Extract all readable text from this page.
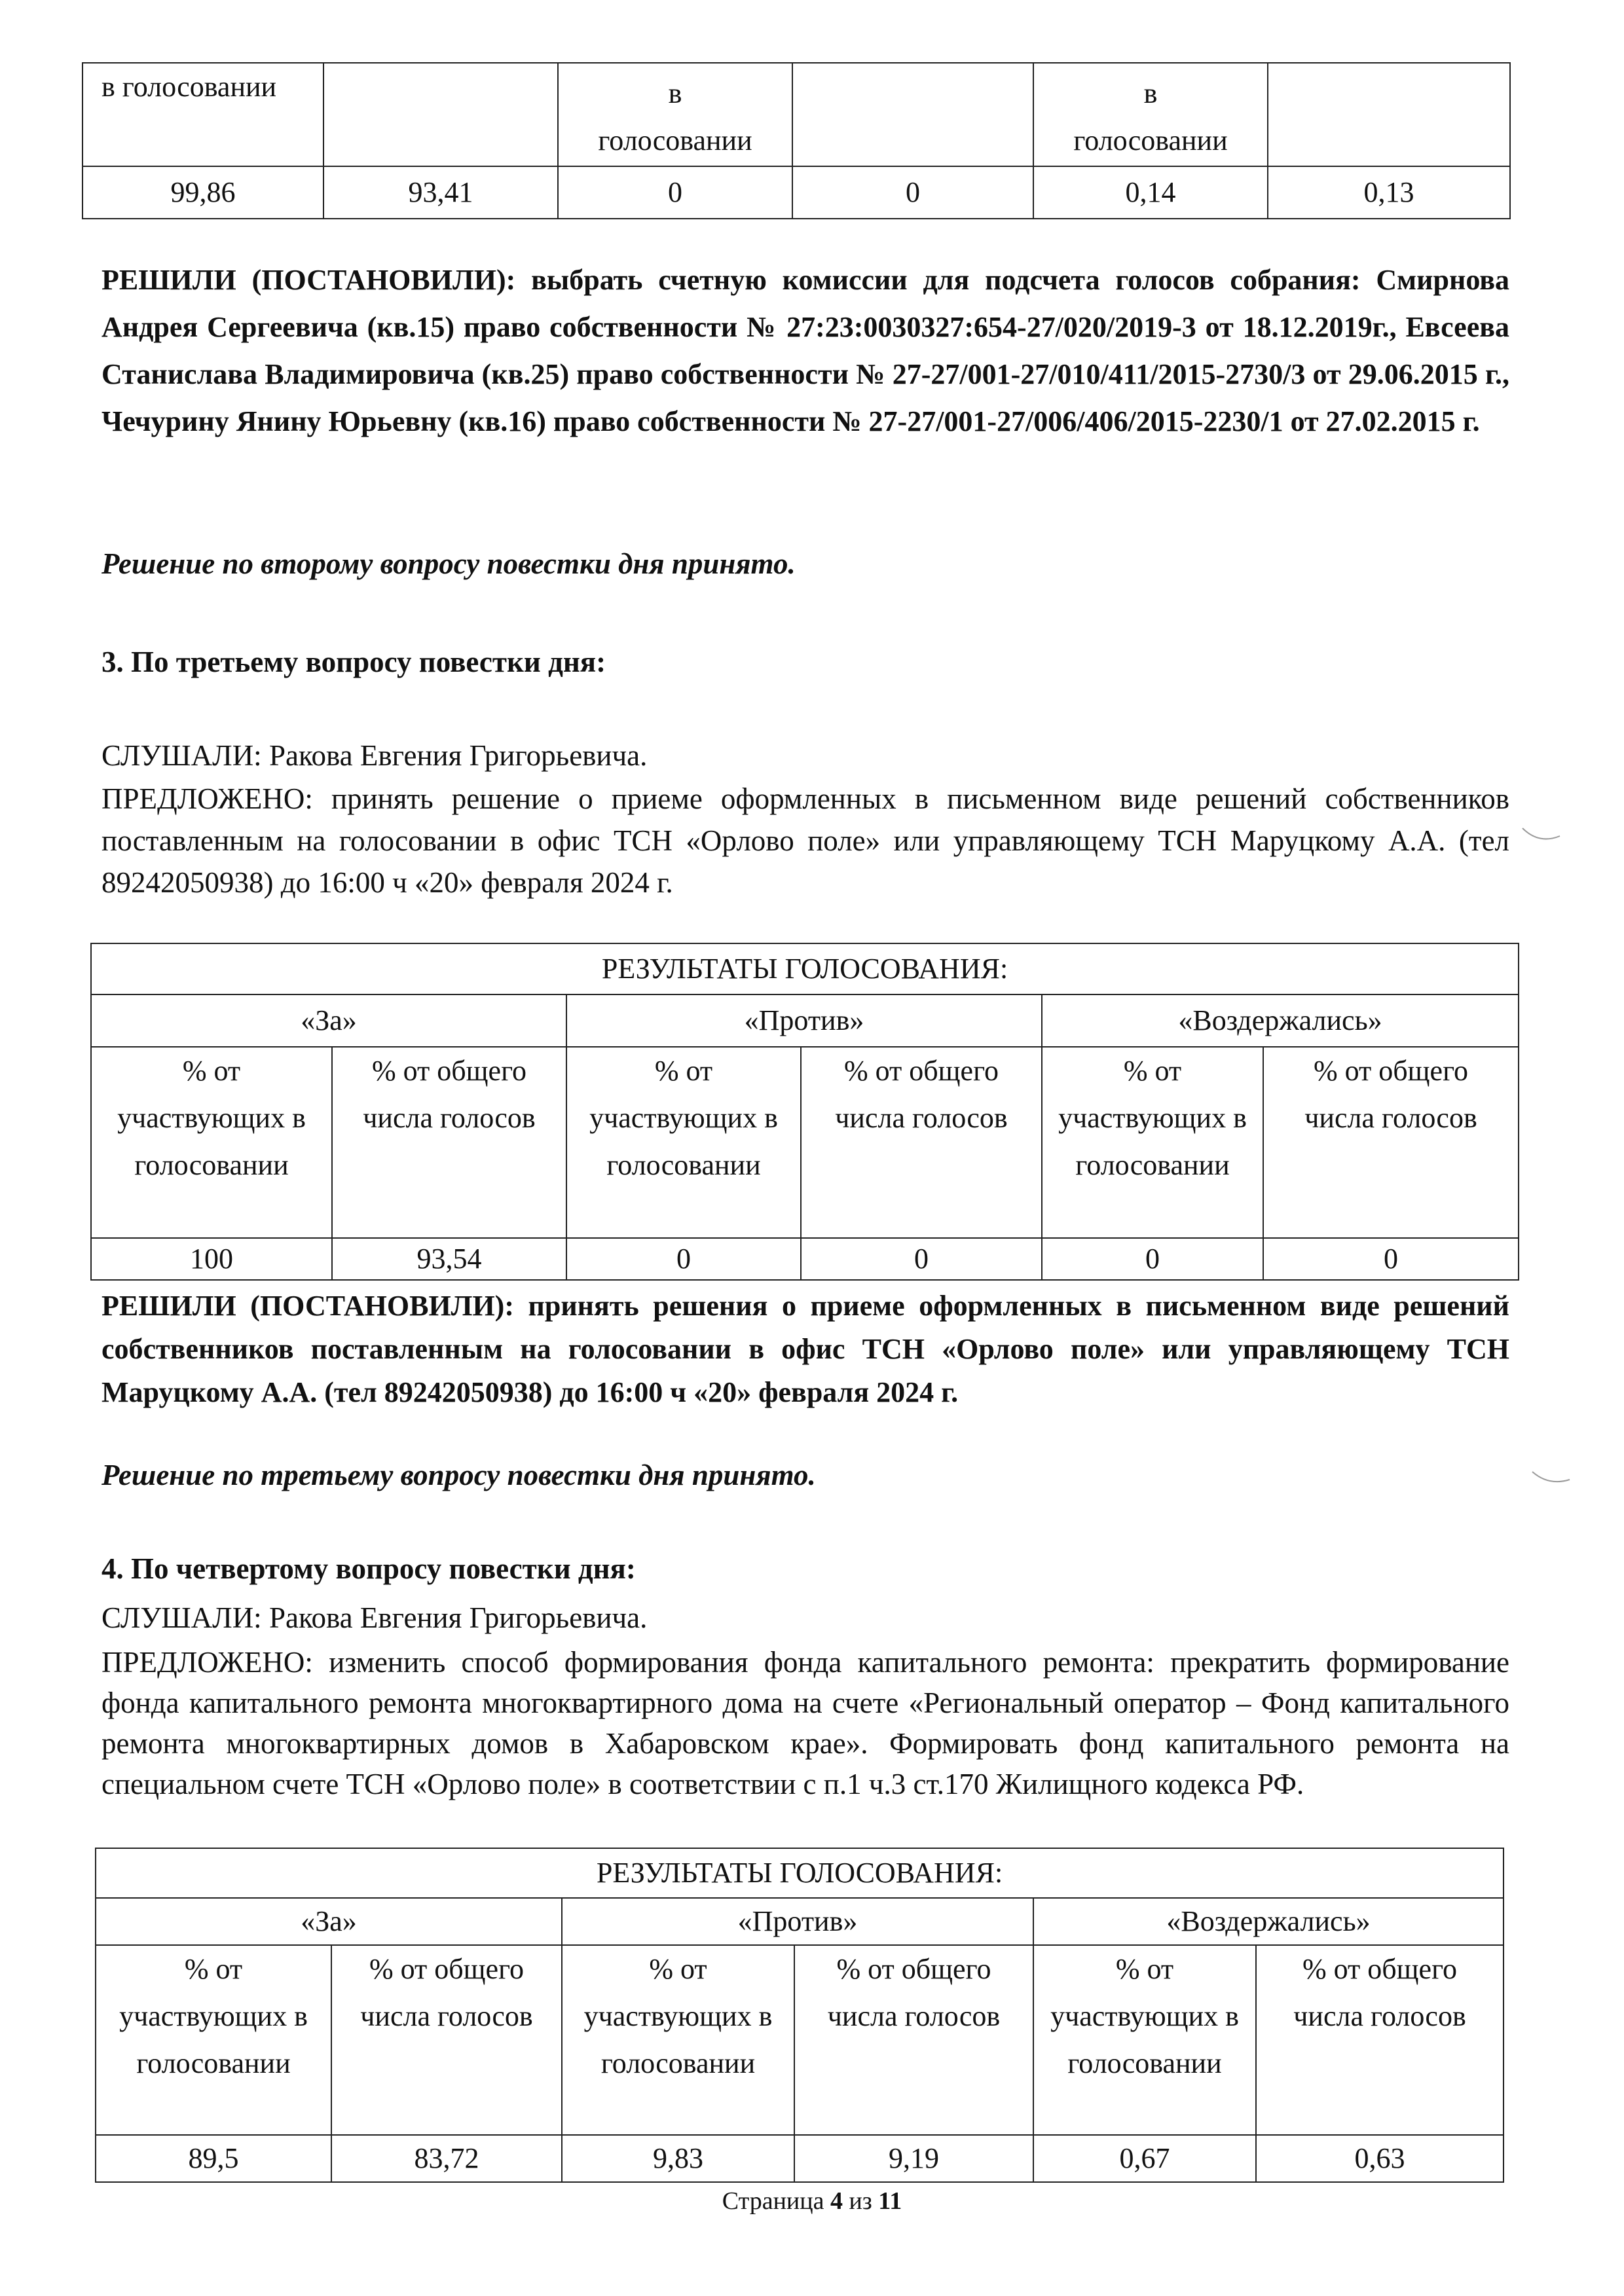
в голосовании		в голосовании		в голосовании	
99,86	93,41	0	0	0,14	0,13

РЕШИЛИ (ПОСТАНОВИЛИ): выбрать счетную комиссии для подсчета голосов собрания: Смирнова Андрея Сергеевича (кв.15) право собственности № 27:23:0030327:654-27/020/2019-3 от 18.12.2019г., Евсеева Станислава Владимировича (кв.25) право собственности № 27-27/001-27/010/411/2015-2730/3 от 29.06.2015 г., Чечурину Янину Юрьевну (кв.16) право собственности № 27-27/001-27/006/406/2015-2230/1 от 27.02.2015 г.

Решение по второму вопросу повестки дня принято.

3. По третьему вопросу повестки дня:

СЛУШАЛИ: Ракова Евгения Григорьевича.

ПРЕДЛОЖЕНО: принять решение о приеме оформленных в письменном виде решений собственников поставленным на голосовании в офис ТСН «Орлово поле» или управляющему ТСН Маруцкому А.А. (тел 89242050938) до 16:00 ч «20» февраля 2024 г.

РЕЗУЛЬТАТЫ ГОЛОСОВАНИЯ:					
«За»		«Против»		«Воздержались»	
% от участвующих в голосовании	% от общего числа голосов	% от участвующих в голосовании	% от общего числа голосов	% от участвующих в голосовании	% от общего числа голосов
100	93,54	0	0	0	0

РЕШИЛИ (ПОСТАНОВИЛИ): принять решения о приеме оформленных в письменном виде решений собственников поставленным на голосовании в офис ТСН «Орлово поле» или управляющему ТСН Маруцкому А.А. (тел 89242050938) до 16:00 ч «20» февраля 2024 г.

Решение по третьему вопросу повестки дня принято.

4. По четвертому вопросу повестки дня:

СЛУШАЛИ: Ракова Евгения Григорьевича.

ПРЕДЛОЖЕНО: изменить способ формирования фонда капитального ремонта: прекратить формирование фонда капитального ремонта многоквартирного дома на счете «Региональный оператор – Фонд капитального ремонта многоквартирных домов в Хабаровском крае». Формировать фонд капитального ремонта на специальном счете ТСН «Орлово поле» в соответствии с п.1 ч.3 ст.170 Жилищного кодекса РФ.

РЕЗУЛЬТАТЫ ГОЛОСОВАНИЯ:					
«За»		«Против»		«Воздержались»	
% от участвующих в голосовании	% от общего числа голосов	% от участвующих в голосовании	% от общего числа голосов	% от участвующих в голосовании	% от общего числа голосов
89,5	83,72	9,83	9,19	0,67	0,63
Страница 4 из 11
